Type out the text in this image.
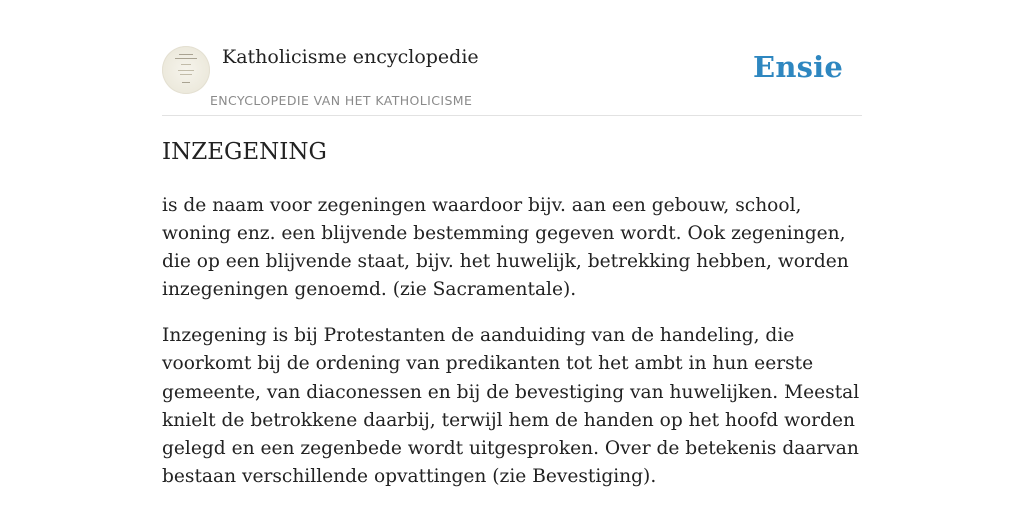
Katholicisme encyclopedie
ENCYCLOPEDIE VAN HET KATHOLICISME
Ensie
INZEGENING

is de naam voor zegeningen waardoor bijv. aan een gebouw, school, woning enz. een blijvende bestemming gegeven wordt. Ook zegeningen, die op een blijvende staat, bijv. het huwelijk, betrekking hebben, worden inzegeningen genoemd. (zie Sacramentale).

Inzegening is bij Protestanten de aanduiding van de handeling, die voorkomt bij de ordening van predikanten tot het ambt in hun eerste gemeente, van diaconessen en bij de bevestiging van huwelijken. Meestal knielt de betrokkene daarbij, terwijl hem de handen op het hoofd worden gelegd en een zegenbede wordt uitgesproken. Over de betekenis daarvan bestaan verschillende opvattingen (zie Bevestiging).
